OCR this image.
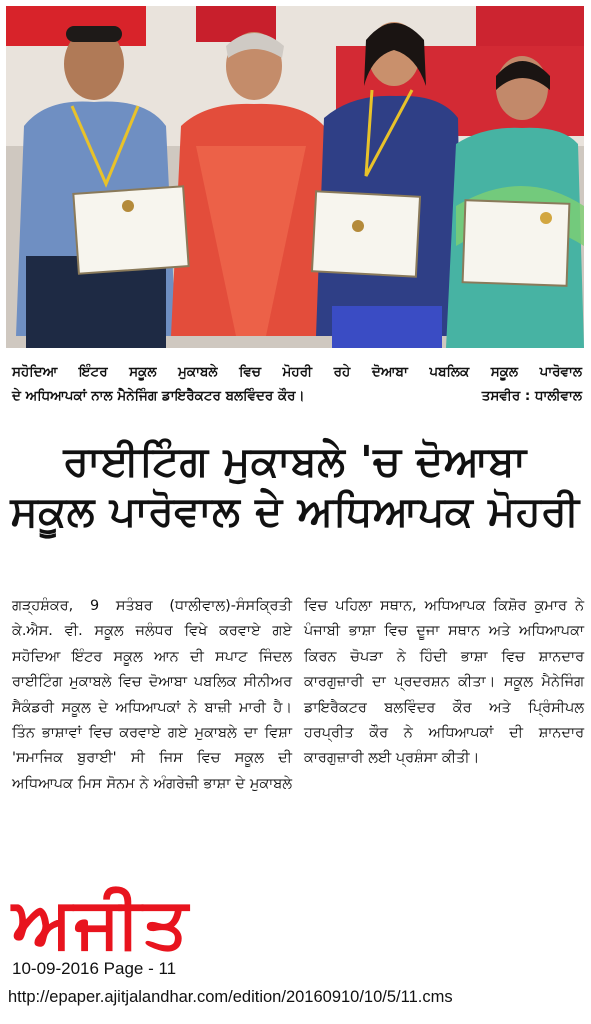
ਸਹੋਦਿਆ ਇੰਟਰ ਸਕੂਲ ਮੁਕਾਬਲੇ ਵਿਚ ਮੋਹਰੀ ਰਹੇ ਦੋਆਬਾ ਪਬਲਿਕ ਸਕੂਲ ਪਾਰੋਵਾਲ
ਦੇ ਅਧਿਆਪਕਾਂ ਨਾਲ ਮੈਨੇਜਿੰਗ ਡਾਇਰੈਕਟਰ ਬਲਵਿੰਦਰ ਕੌਰ।	ਤਸਵੀਰ : ਧਾਲੀਵਾਲ
ਰਾਈਟਿੰਗ ਮੁਕਾਬਲੇ 'ਚ ਦੋਆਬਾ
ਸਕੂਲ ਪਾਰੋਵਾਲ ਦੇ ਅਧਿਆਪਕ ਮੋਹਰੀ
ਗੜ੍ਹਸ਼ੰਕਰ, 9 ਸਤੰਬਰ (ਧਾਲੀਵਾਲ)-ਸੰਸਕ੍ਰਿਤੀ ਕੇ.ਐਸ. ਵੀ. ਸਕੂਲ ਜਲੰਧਰ ਵਿਖੇ ਕਰਵਾਏ ਗਏ ਸਹੋਦਿਆ ਇੰਟਰ ਸਕੂਲ ਆਨ ਦੀ ਸਪਾਟ ਜਿੰਦਲ ਰਾਈਟਿੰਗ ਮੁਕਾਬਲੇ ਵਿਚ ਦੋਆਬਾ ਪਬਲਿਕ ਸੀਨੀਅਰ ਸੈਕੰਡਰੀ ਸਕੂਲ ਦੇ ਅਧਿਆਪਕਾਂ ਨੇ ਬਾਜ਼ੀ ਮਾਰੀ ਹੈ। ਤਿੰਨ ਭਾਸ਼ਾਵਾਂ ਵਿਚ ਕਰਵਾਏ ਗਏ ਮੁਕਾਬਲੇ ਦਾ ਵਿਸ਼ਾ 'ਸਮਾਜਿਕ ਬੁਰਾਈ' ਸੀ ਜਿਸ ਵਿਚ ਸਕੂਲ ਦੀ ਅਧਿਆਪਕ ਮਿਸ ਸੋਨਮ ਨੇ ਅੰਗਰੇਜ਼ੀ ਭਾਸ਼ਾ ਦੇ ਮੁਕਾਬਲੇ ਵਿਚ ਪਹਿਲਾ ਸਥਾਨ, ਅਧਿਆਪਕ ਕਿਸ਼ੋਰ ਕੁਮਾਰ ਨੇ ਪੰਜਾਬੀ ਭਾਸ਼ਾ ਵਿਚ ਦੂਜਾ ਸਥਾਨ ਅਤੇ ਅਧਿਆਪਕਾ ਕਿਰਨ ਚੋਪੜਾ ਨੇ ਹਿੰਦੀ ਭਾਸ਼ਾ ਵਿਚ ਸ਼ਾਨਦਾਰ ਕਾਰਗੁਜ਼ਾਰੀ ਦਾ ਪ੍ਰਦਰਸ਼ਨ ਕੀਤਾ। ਸਕੂਲ ਮੈਨੇਜਿੰਗ ਡਾਇਰੈਕਟਰ ਬਲਵਿੰਦਰ ਕੌਰ ਅਤੇ ਪ੍ਰਿੰਸੀਪਲ ਹਰਪ੍ਰੀਤ ਕੌਰ ਨੇ ਅਧਿਆਪਕਾਂ ਦੀ ਸ਼ਾਨਦਾਰ ਕਾਰਗੁਜ਼ਾਰੀ ਲਈ ਪ੍ਰਸ਼ੰਸਾ ਕੀਤੀ।
ਅਜੀਤ
10-09-2016 Page - 11
http://epaper.ajitjalandhar.com/edition/20160910/10/5/11.cms
